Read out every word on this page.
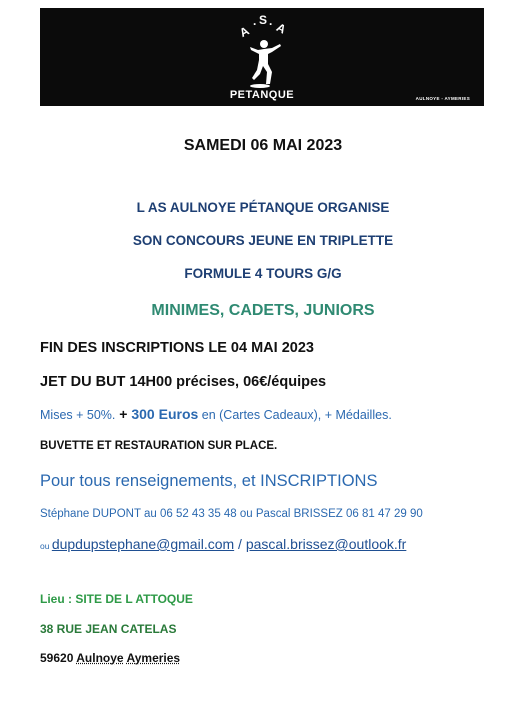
A
. S . A
PETANQUE	AULNOYE - AYMERIES
SAMEDI 06 MAI 2023
L AS AULNOYE PÉTANQUE ORGANISE
SON CONCOURS JEUNE EN TRIPLETTE
FORMULE 4 TOURS G/G
MINIMES, CADETS, JUNIORS
FIN DES INSCRIPTIONS LE 04 MAI 2023
JET DU BUT 14H00 précises, 06€/équipes
Mises + 50%. + 300 Euros en (Cartes Cadeaux), + Médailles.
BUVETTE ET RESTAURATION SUR PLACE.
Pour tous renseignements, et INSCRIPTIONS
Stéphane DUPONT au 06 52 43 35 48 ou Pascal BRISSEZ 06 81 47 29 90
ou dupdupstephane@gmail.com / pascal.brissez@outlook.fr
Lieu : SITE DE L ATTOQUE
38 RUE JEAN CATELAS
59620 Aulnoye Aymeries
